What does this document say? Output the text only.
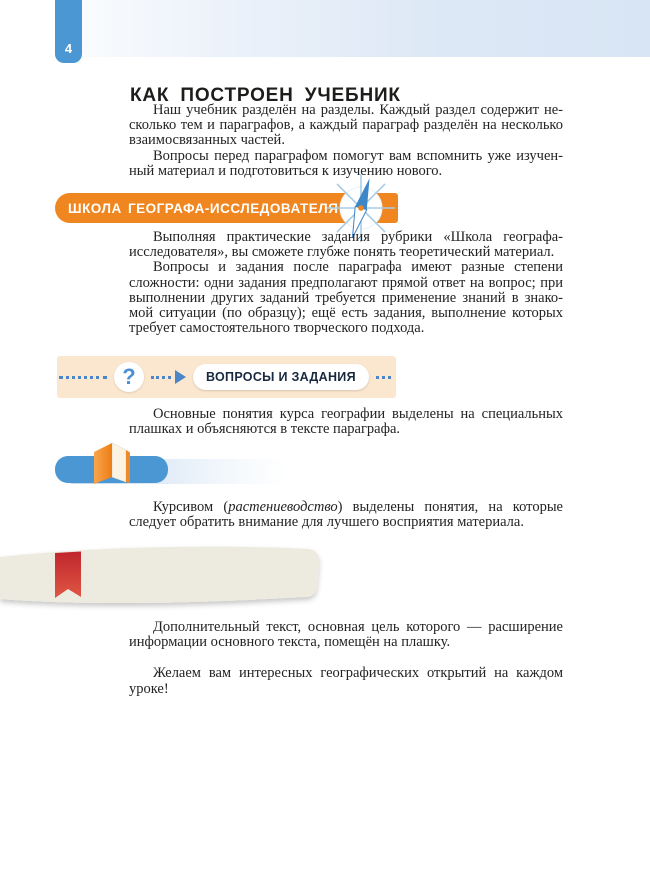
4
КАК ПОСТРОЕН УЧЕБНИК
Наш учебник разделён на разделы. Каждый раздел содержит не-
сколько тем и параграфов, а каждый параграф разделён на несколько
взаимосвязанных частей.
Вопросы перед параграфом помогут вам вспомнить уже изучен-
ный материал и подготовиться к изучению нового.
ШКОЛА ГЕОГРАФА-ИССЛЕДОВАТЕЛЯ
Выполняя практические задания рубрики «Школа географа-
исследователя», вы сможете глубже понять теоретический материал.
Вопросы и задания после параграфа имеют разные степени
сложности: одни задания предполагают прямой ответ на вопрос; при
выполнении других заданий требуется применение знаний в знако-
мой ситуации (по образцу); ещё есть задания, выполнение которых
требует самостоятельного творческого подхода.
?	ВОПРОСЫ И ЗАДАНИЯ
Основные понятия курса географии выделены на специальных
плашках и объясняются в тексте параграфа.
Курсивом (растениеводство) выделены понятия, на которые
следует обратить внимание для лучшего восприятия материала.
Дополнительный текст, основная цель которого — расширение
информации основного текста, помещён на плашку.
Желаем вам интересных географических открытий на каждом
уроке!
